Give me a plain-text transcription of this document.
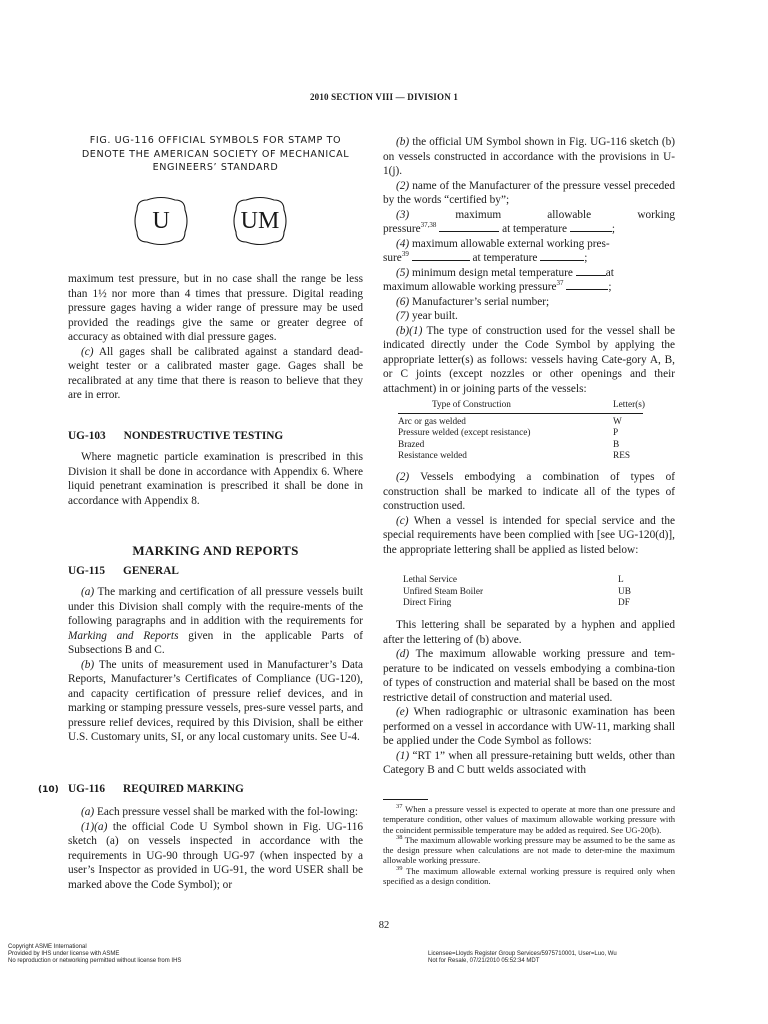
2010 SECTION VIII — DIVISION 1
FIG. UG-116 OFFICIAL SYMBOLS FOR STAMP TO
DENOTE THE AMERICAN SOCIETY OF MECHANICAL
ENGINEERS’ STANDARD
U	UM

maximum test pressure, but in no case shall the range be less than 1½ nor more than 4 times that pressure. Digital reading pressure gages having a wider range of pressure may be used provided the readings give the same or greater degree of accuracy as obtained with dial pressure gages.

(c) All gages shall be calibrated against a standard dead-weight tester or a calibrated master gage. Gages shall be recalibrated at any time that there is reason to believe that they are in error.

UG-103 NONDESTRUCTIVE TESTING

Where magnetic particle examination is prescribed in this Division it shall be done in accordance with Appendix 6. Where liquid penetrant examination is prescribed it shall be done in accordance with Appendix 8.

MARKING AND REPORTS
UG-115 GENERAL

(a) The marking and certification of all pressure vessels built under this Division shall comply with the require-ments of the following paragraphs and in addition with the requirements for Marking and Reports given in the applicable Parts of Subsections B and C.

(b) The units of measurement used in Manufacturer’s Data Reports, Manufacturer’s Certificates of Compliance (UG-120), and capacity certification of pressure relief devices, and in marking or stamping pressure vessels, pres-sure vessel parts, and pressure relief devices, required by this Division, shall be either U.S. Customary units, SI, or any local customary units. See U-4.

(10) UG-116 REQUIRED MARKING

(a) Each pressure vessel shall be marked with the fol-lowing:

(1)(a) the official Code U Symbol shown in Fig. UG-116 sketch (a) on vessels inspected in accordance with the requirements in UG-90 through UG-97 (when inspected by a user’s Inspector as provided in UG-91, the word USER shall be marked above the Code Symbol); or

(b) the official UM Symbol shown in Fig. UG-116 sketch (b) on vessels constructed in accordance with the provisions in U-1(j).

(2) name of the Manufacturer of the pressure vessel preceded by the words “certified by”;

(3)	maximum	allowable	working

pressure$^{37,38}$	at temperature	;

(4) maximum allowable external working pres-

sure$^{39}$	at temperature	;

(5) minimum design metal temperature	at

maximum allowable working pressure$^{37}$	;

(6) Manufacturer’s serial number;

(7) year built.

(b)(1) The type of construction used for the vessel shall be indicated directly under the Code Symbol by applying the appropriate letter(s) as follows: vessels having Cate-gory A, B, or C joints (except nozzles or other openings and their attachment) in or joining parts of the vessels:

Type of Construction	Letter(s)
Arc or gas welded	W
Pressure welded (except resistance)	P
Brazed	B
Resistance welded	RES

(2) Vessels embodying a combination of types of construction shall be marked to indicate all of the types of construction used.

(c) When a vessel is intended for special service and the special requirements have been complied with [see UG-120(d)], the appropriate lettering shall be applied as listed below:

Lethal Service	L
Unfired Steam Boiler	UB
Direct Firing	DF

This lettering shall be separated by a hyphen and applied after the lettering of (b) above.

(d) The maximum allowable working pressure and tem-perature to be indicated on vessels embodying a combina-tion of types of construction and material shall be based on the most restrictive detail of construction and material used.

(e) When radiographic or ultrasonic examination has been performed on a vessel in accordance with UW-11, marking shall be applied under the Code Symbol as follows:

(1) “RT 1” when all pressure-retaining butt welds, other than Category B and C butt welds associated with

$^{37}$ When a pressure vessel is expected to operate at more than one pressure and temperature condition, other values of maximum allowable working pressure with the coincident permissible temperature may be added as required. See UG-20(b).

$^{38}$ The maximum allowable working pressure may be assumed to be the same as the design pressure when calculations are not made to deter-mine the maximum allowable working pressure.

$^{39}$ The maximum allowable external working pressure is required only when specified as a design condition.

82
Copyright ASME International
Provided by IHS under license with ASME
No reproduction or networking permitted without license from IHS
Licensee=Lloyds Register Group Services/5975710001, User=Luo, Wu
Not for Resale, 07/21/2010 05:52:34 MDT
